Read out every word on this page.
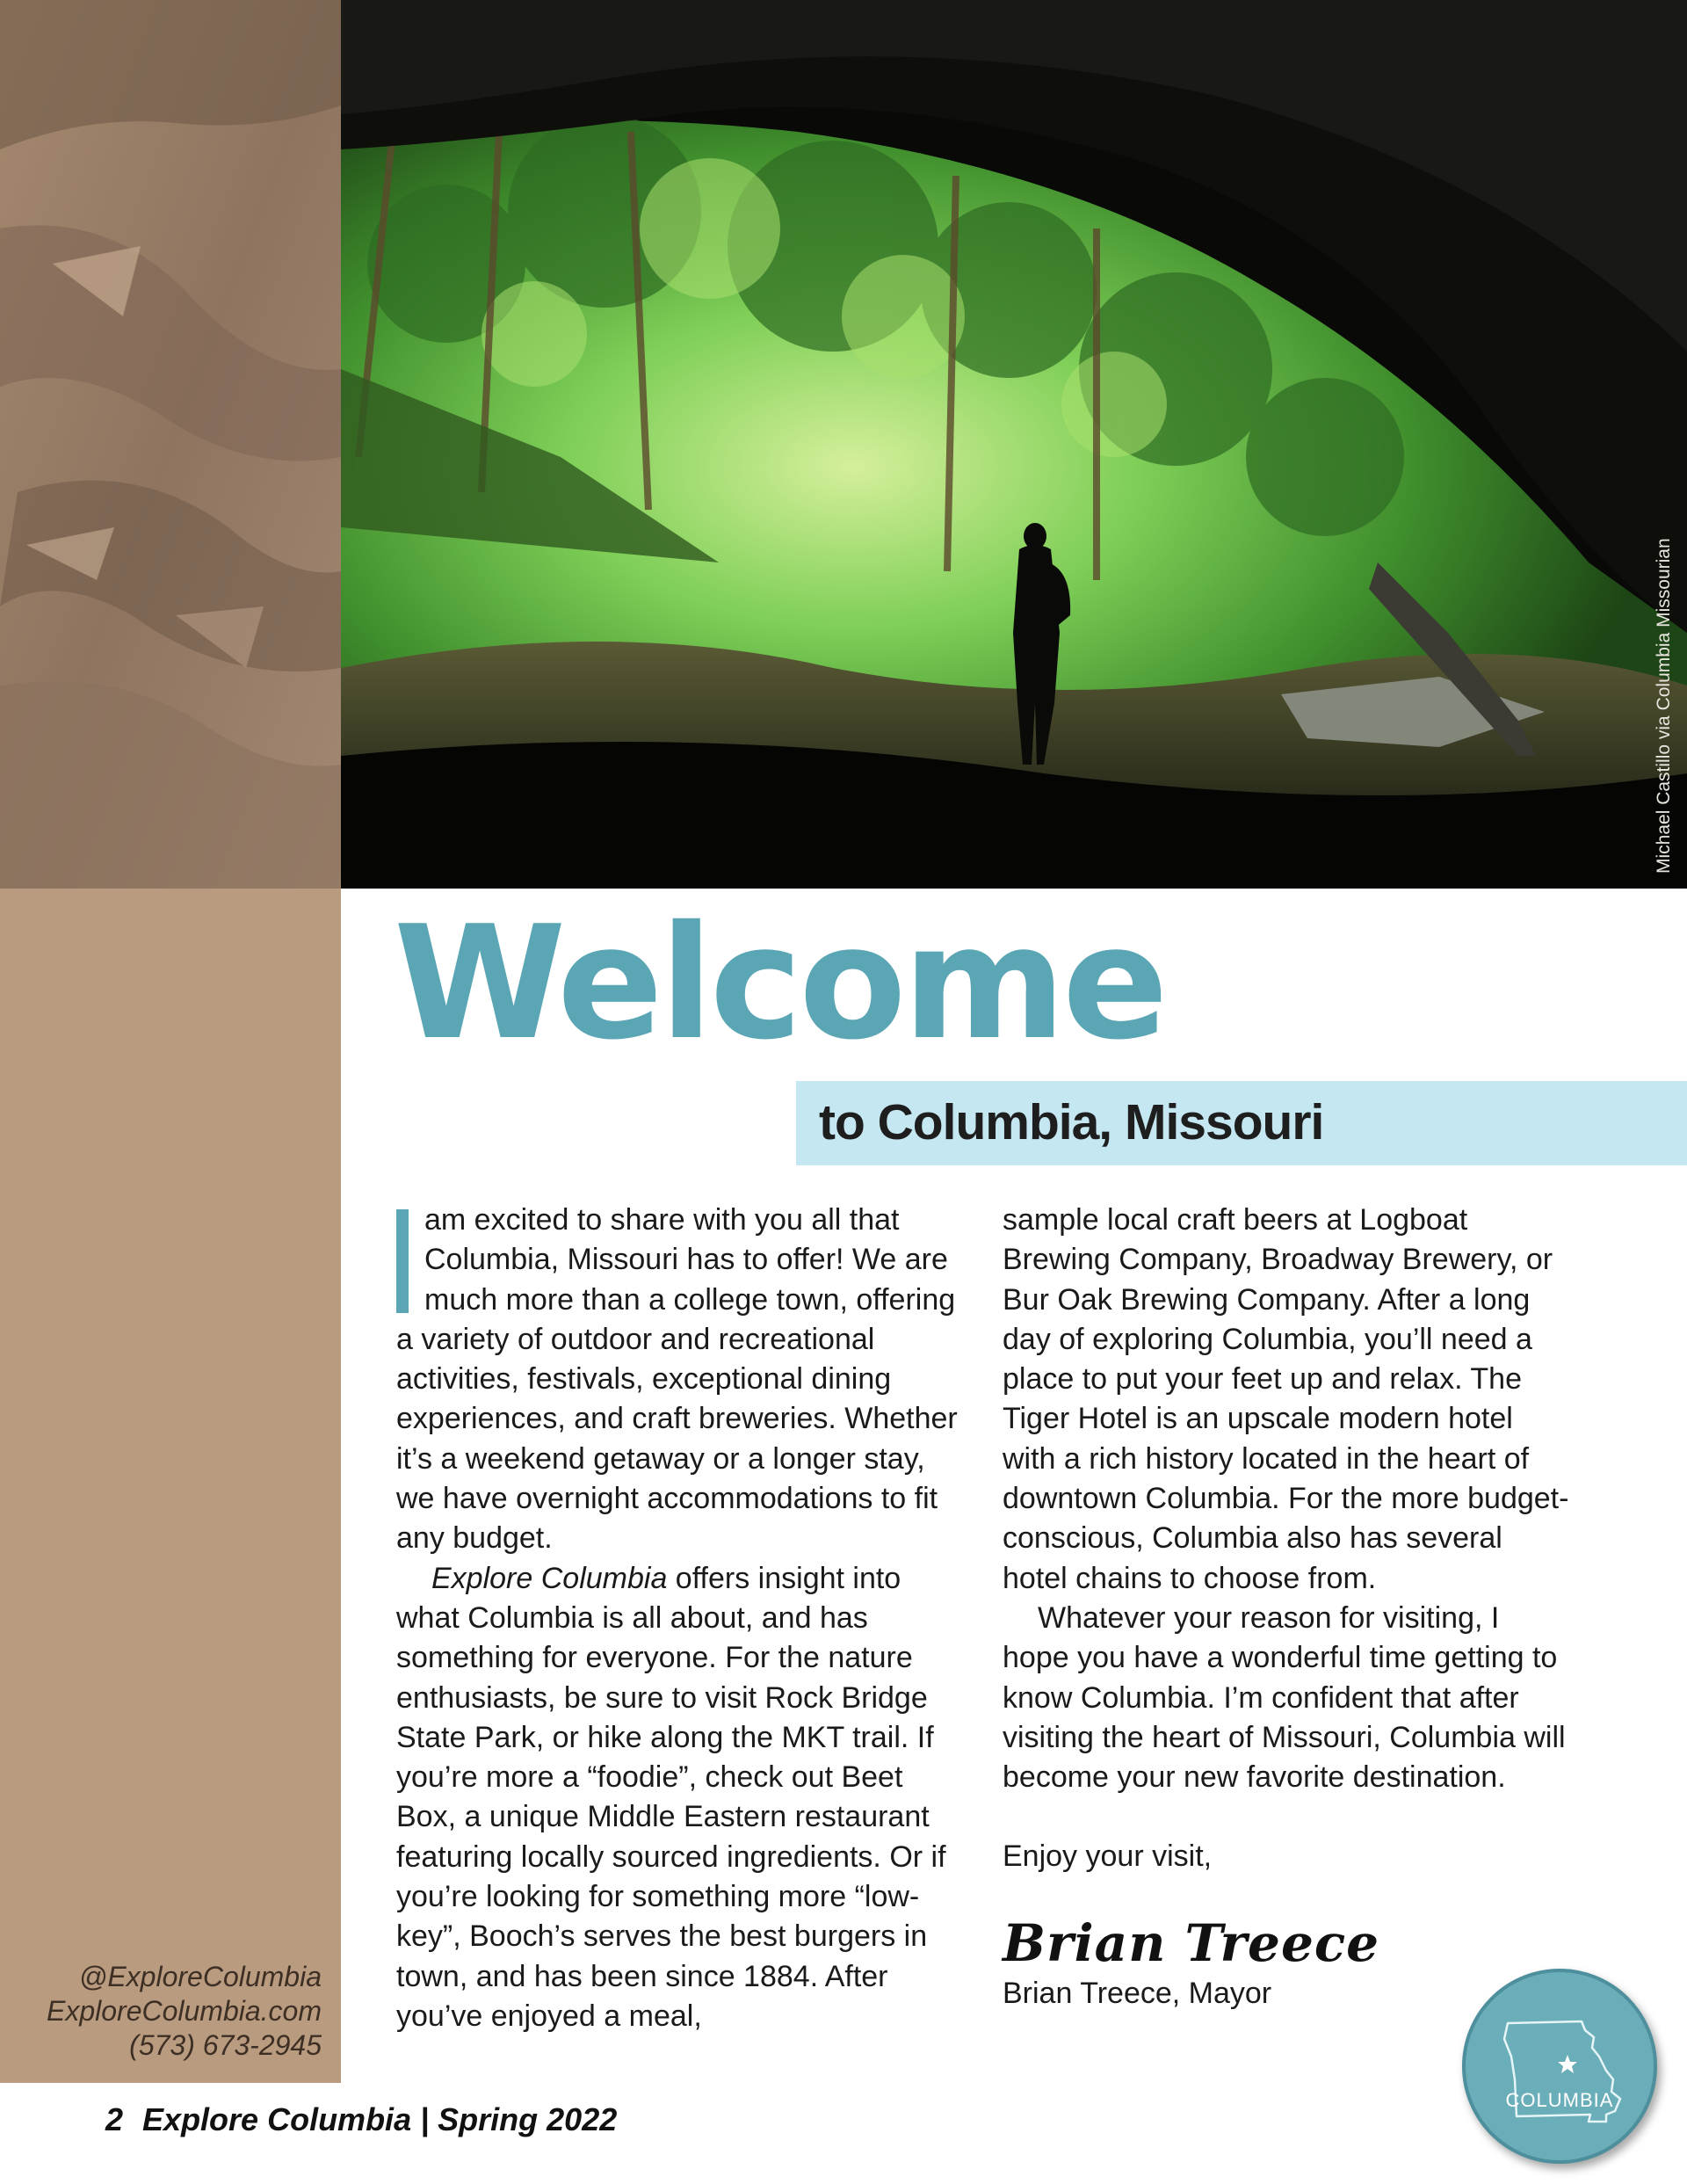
Michael Castillo via Columbia Missourian
Welcome
to Columbia, Missouri

am excited to share with you all that Columbia, Missouri has to offer! We are much more than a college town, offering a variety of outdoor and recreational activities, festivals, exceptional dining experiences, and craft breweries. Whether it’s a weekend getaway or a longer stay, we have overnight accommodations to fit any budget.

Explore Columbia offers insight into what Columbia is all about, and has something for everyone. For the nature enthusiasts, be sure to visit Rock Bridge State Park, or hike along the MKT trail. If you’re more a “foodie”, check out Beet Box, a unique Middle Eastern restaurant featuring locally sourced ingredients. Or if you’re looking for something more “low-key”, Booch’s serves the best burgers in town, and has been since 1884. After you’ve enjoyed a meal,

sample local craft beers at Logboat Brewing Company, Broadway Brewery, or Bur Oak Brewing Company. After a long day of exploring Columbia, you’ll need a place to put your feet up and relax. The Tiger Hotel is an upscale modern hotel with a rich history located in the heart of downtown Columbia. For the more budget-conscious, Columbia also has several hotel chains to choose from.

Whatever your reason for visiting, I hope you have a wonderful time getting to know Columbia. I’m confident that after visiting the heart of Missouri, Columbia will become your new favorite destination.

Enjoy your visit,

Brian Treece

Brian Treece, Mayor

@ExploreColumbia
ExploreColumbia.com
(573) 673-2945
2 Explore Columbia | Spring 2022
COLUMBIA
